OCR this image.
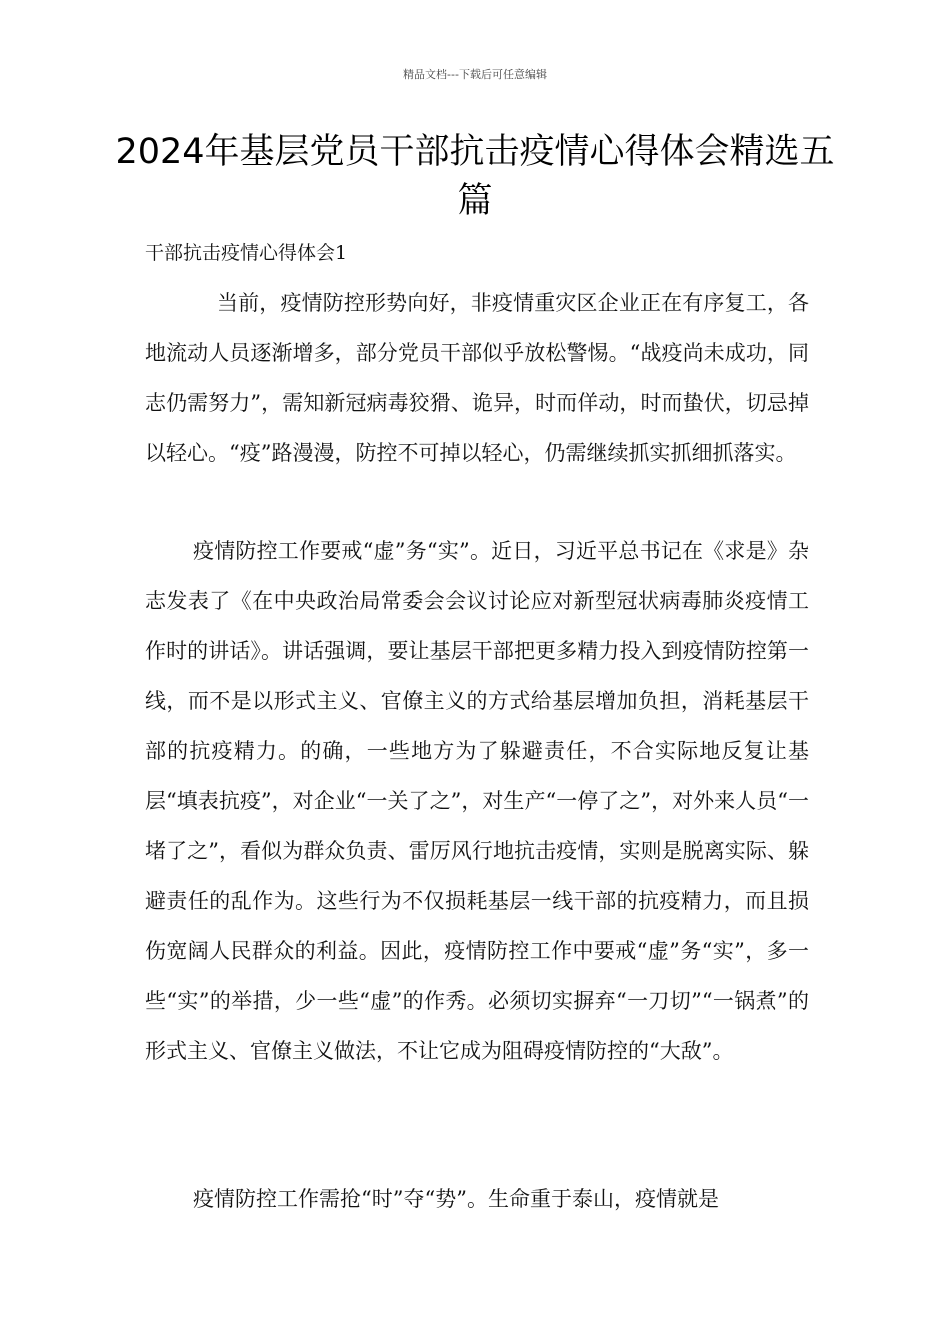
精品文档---下载后可任意编辑
2024年基层党员干部抗击疫情心得体会精选五篇
干部抗击疫情心得体会1

当前，疫情防控形势向好，非疫情重灾区企业正在有序复工，各地流动人员逐渐增多，部分党员干部似乎放松警惕。“战疫尚未成功，同志仍需努力”，需知新冠病毒狡猾、诡异，时而佯动，时而蛰伏，切忌掉以轻心。“疫”路漫漫，防控不可掉以轻心，仍需继续抓实抓细抓落实。

疫情防控工作要戒“虚”务“实”。近日，习近平总书记在《求是》杂志发表了《在中央政治局常委会会议讨论应对新型冠状病毒肺炎疫情工作时的讲话》。讲话强调，要让基层干部把更多精力投入到疫情防控第一线，而不是以形式主义、官僚主义的方式给基层增加负担，消耗基层干部的抗疫精力。的确，一些地方为了躲避责任，不合实际地反复让基层“填表抗疫”，对企业“一关了之”，对生产“一停了之”，对外来人员“一堵了之”，看似为群众负责、雷厉风行地抗击疫情，实则是脱离实际、躲避责任的乱作为。这些行为不仅损耗基层一线干部的抗疫精力，而且损伤宽阔人民群众的利益。因此，疫情防控工作中要戒“虚”务“实”，多一些“实”的举措，少一些“虚”的作秀。必须切实摒弃“一刀切”“一锅煮”的形式主义、官僚主义做法，不让它成为阻碍疫情防控的“大敌”。

疫情防控工作需抢“时”夺“势”。生命重于泰山，疫情就是
